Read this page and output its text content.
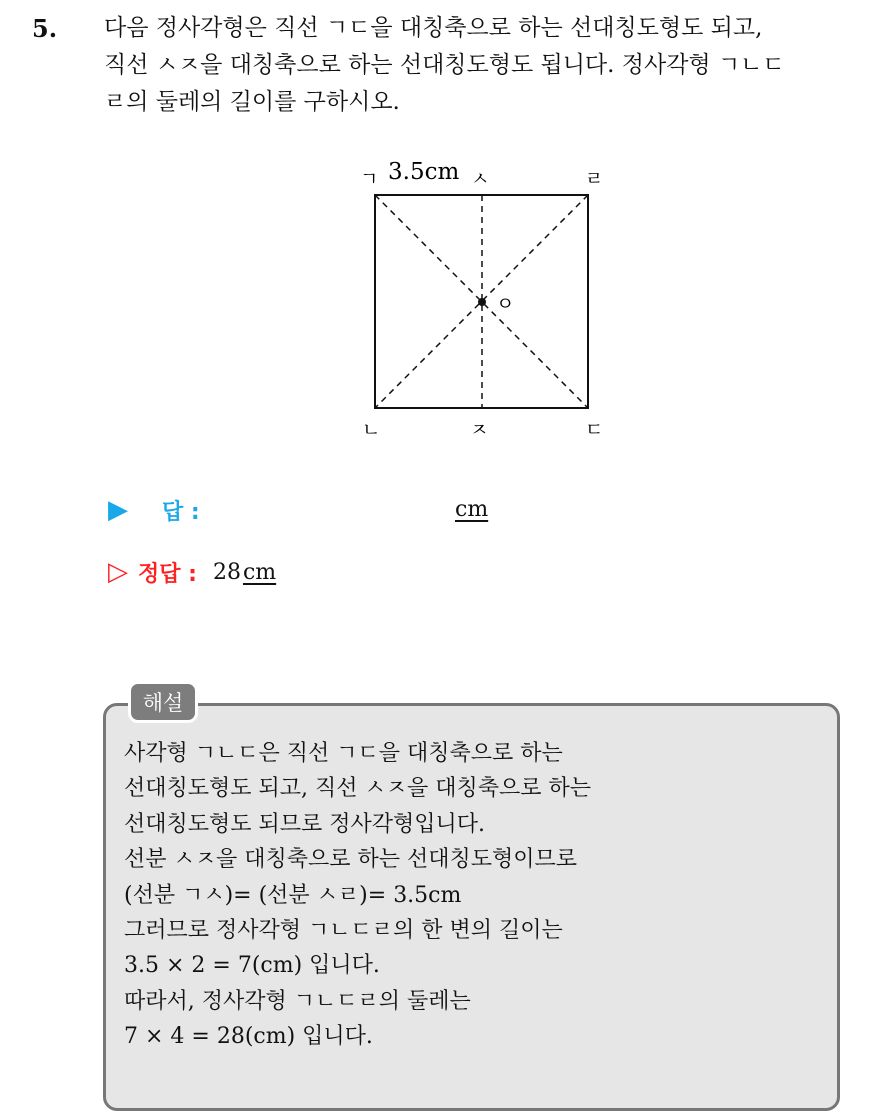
5. 다음 정사각형은 직선 ㄱㄷ을 대칭축으로 하는 선대칭도형도 되고,
직선 ㅅㅈ을 대칭축으로 하는 선대칭도형도 됩니다. 정사각형 ㄱㄴㄷ
ㄹ의 둘레의 길이를 구하시오.
ㄱ 3.5cm ㅅ	ㄹ
ㅇ
ㄴ	ㅈ	ㄷ
▶ 답 :	cm
▷ 정답 : 28 cm
해설
사각형 ㄱㄴㄷ은 직선 ㄱㄷ을 대칭축으로 하는
선대칭도형도 되고, 직선 ㅅㅈ을 대칭축으로 하는
선대칭도형도 되므로 정사각형입니다.
선분 ㅅㅈ을 대칭축으로 하는 선대칭도형이므로
(선분 ㄱㅅ)= (선분 ㅅㄹ)= 3.5cm
그러므로 정사각형 ㄱㄴㄷㄹ의 한 변의 길이는
3.5 × 2 = 7(cm) 입니다.
따라서, 정사각형 ㄱㄴㄷㄹ의 둘레는
7 × 4 = 28(cm) 입니다.
